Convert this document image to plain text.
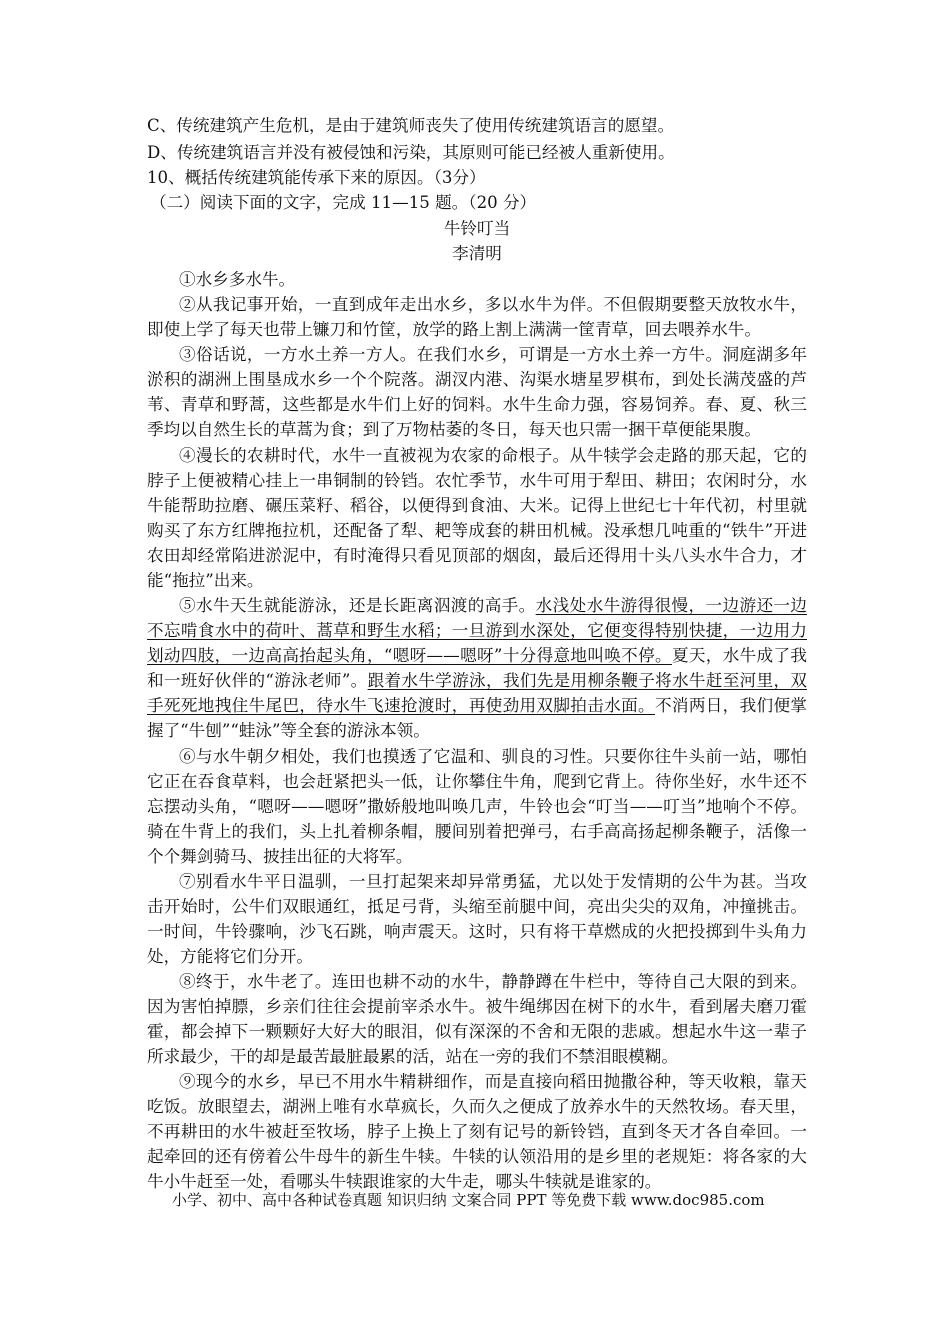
C、传统建筑产生危机，是由于建筑师丧失了使用传统建筑语言的愿望。
D、传统建筑语言并没有被侵蚀和污染，其原则可能已经被人重新使用。
10、概括传统建筑能传承下来的原因。（3分）
（二）阅读下面的文字，完成 11—15 题。（20 分）
牛铃叮当
李清明

①水乡多水牛。

②从我记事开始，一直到成年走出水乡，多以水牛为伴。不但假期要整天放牧水牛，即使上学了每天也带上镰刀和竹筐，放学的路上割上满满一筐青草，回去喂养水牛。

③俗话说，一方水土养一方人。在我们水乡，可谓是一方水土养一方牛。洞庭湖多年淤积的湖洲上围垦成水乡一个个院落。湖汊内港、沟渠水塘星罗棋布，到处长满茂盛的芦苇、青草和野蒿，这些都是水牛们上好的饲料。水牛生命力强，容易饲养。春、夏、秋三季均以自然生长的草蒿为食；到了万物枯萎的冬日，每天也只需一捆干草便能果腹。

④漫长的农耕时代，水牛一直被视为农家的命根子。从牛犊学会走路的那天起，它的脖子上便被精心挂上一串铜制的铃铛。农忙季节，水牛可用于犁田、耕田；农闲时分，水牛能帮助拉磨、碾压菜籽、稻谷，以便得到食油、大米。记得上世纪七十年代初，村里就购买了东方红牌拖拉机，还配备了犁、耙等成套的耕田机械。没承想几吨重的“铁牛”开进农田却经常陷进淤泥中，有时淹得只看见顶部的烟囱，最后还得用十头八头水牛合力，才能“拖拉”出来。

⑤水牛天生就能游泳，还是长距离泅渡的高手。水浅处水牛游得很慢，一边游还一边不忘啃食水中的荷叶、蒿草和野生水稻；一旦游到水深处，它便变得特别快捷，一边用力划动四肢，一边高高抬起头角，“嗯呀——嗯呀”十分得意地叫唤不停。夏天，水牛成了我和一班好伙伴的“游泳老师”。跟着水牛学游泳，我们先是用柳条鞭子将水牛赶至河里，双手死死地拽住牛尾巴，待水牛飞速抢渡时，再使劲用双脚拍击水面。不消两日，我们便掌握了“牛刨”“蛙泳”等全套的游泳本领。

⑥与水牛朝夕相处，我们也摸透了它温和、驯良的习性。只要你往牛头前一站，哪怕它正在吞食草料，也会赶紧把头一低，让你攀住牛角，爬到它背上。待你坐好，水牛还不忘摆动头角，“嗯呀——嗯呀”撒娇般地叫唤几声，牛铃也会“叮当——叮当”地响个不停。骑在牛背上的我们，头上扎着柳条帽，腰间别着把弹弓，右手高高扬起柳条鞭子，活像一个个舞剑骑马、披挂出征的大将军。

⑦别看水牛平日温驯，一旦打起架来却异常勇猛，尤以处于发情期的公牛为甚。当攻击开始时，公牛们双眼通红，抵足弓背，头缩至前腿中间，亮出尖尖的双角，冲撞挑击。一时间，牛铃骤响，沙飞石跳，响声震天。这时，只有将干草燃成的火把投掷到牛头角力处，方能将它们分开。

⑧终于，水牛老了。连田也耕不动的水牛，静静蹲在牛栏中，等待自己大限的到来。因为害怕掉膘，乡亲们往往会提前宰杀水牛。被牛绳绑因在树下的水牛，看到屠夫磨刀霍霍，都会掉下一颗颗好大好大的眼泪，似有深深的不舍和无限的悲戚。想起水牛这一辈子所求最少，干的却是最苦最脏最累的活，站在一旁的我们不禁泪眼模糊。

⑨现今的水乡，早已不用水牛精耕细作，而是直接向稻田抛撒谷种，等天收粮，靠天吃饭。放眼望去，湖洲上唯有水草疯长，久而久之便成了放养水牛的天然牧场。春天里，不再耕田的水牛被赶至牧场，脖子上换上了刻有记号的新铃铛，直到冬天才各自牵回。一起牵回的还有傍着公牛母牛的新生牛犊。牛犊的认领沿用的是乡里的老规矩：将各家的大牛小牛赶至一处，看哪头牛犊跟谁家的大牛走，哪头牛犊就是谁家的。

小学、初中、高中各种试卷真题 知识归纳 文案合同 PPT 等免费下载 www.doc985.com
